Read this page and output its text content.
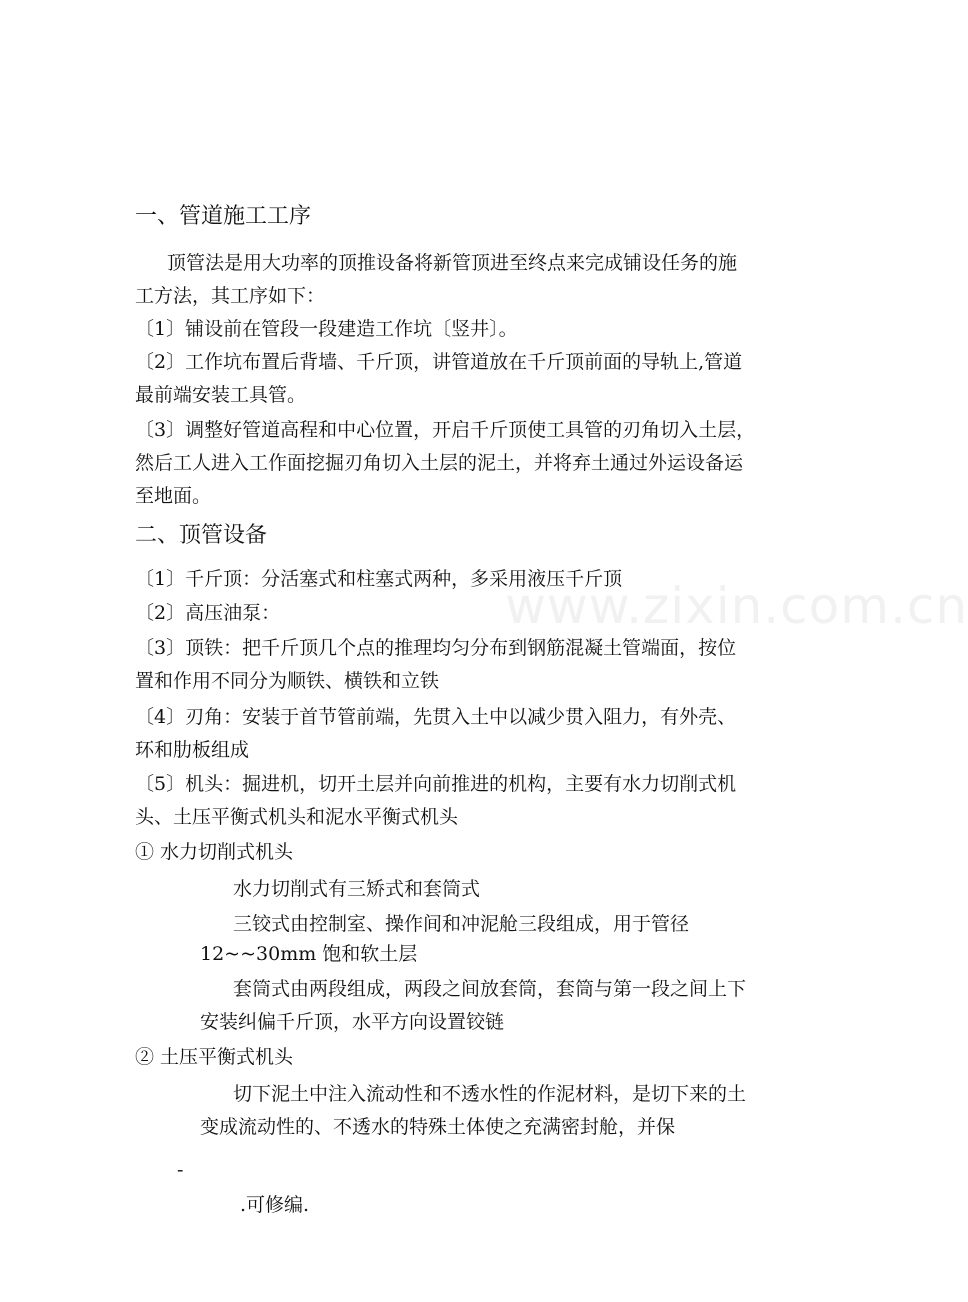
www.zixin.com.cn
一、管道施工工序
顶管法是用大功率的顶推设备将新管顶进至终点来完成铺设任务的施
工方法，其工序如下：
〔1〕铺设前在管段一段建造工作坑〔竖井〕。
〔2〕工作坑布置后背墙、千斤顶，讲管道放在千斤顶前面的导轨上,管道
最前端安装工具管。
〔3〕调整好管道高程和中心位置，开启千斤顶使工具管的刃角切入土层，
然后工人进入工作面挖掘刃角切入土层的泥土，并将弃土通过外运设备运
至地面。
二、顶管设备
〔1〕千斤顶：分活塞式和柱塞式两种，多采用液压千斤顶
〔2〕高压油泵：
〔3〕顶铁：把千斤顶几个点的推理均匀分布到钢筋混凝土管端面，按位
置和作用不同分为顺铁、横铁和立铁
〔4〕刃角：安装于首节管前端，先贯入土中以减少贯入阻力，有外壳、
环和肋板组成
〔5〕机头：掘进机，切开土层并向前推进的机构，主要有水力切削式机
头、土压平衡式机头和泥水平衡式机头
① 水力切削式机头
水力切削式有三矫式和套筒式
三铰式由控制室、操作间和冲泥舱三段组成，用于管径
12~~30mm 饱和软土层
套筒式由两段组成，两段之间放套筒，套筒与第一段之间上下
安装纠偏千斤顶，水平方向设置铰链
② 土压平衡式机头
切下泥土中注入流动性和不透水性的作泥材料，是切下来的土
变成流动性的、不透水的特殊土体使之充满密封舱，并保
-
.可修编.
